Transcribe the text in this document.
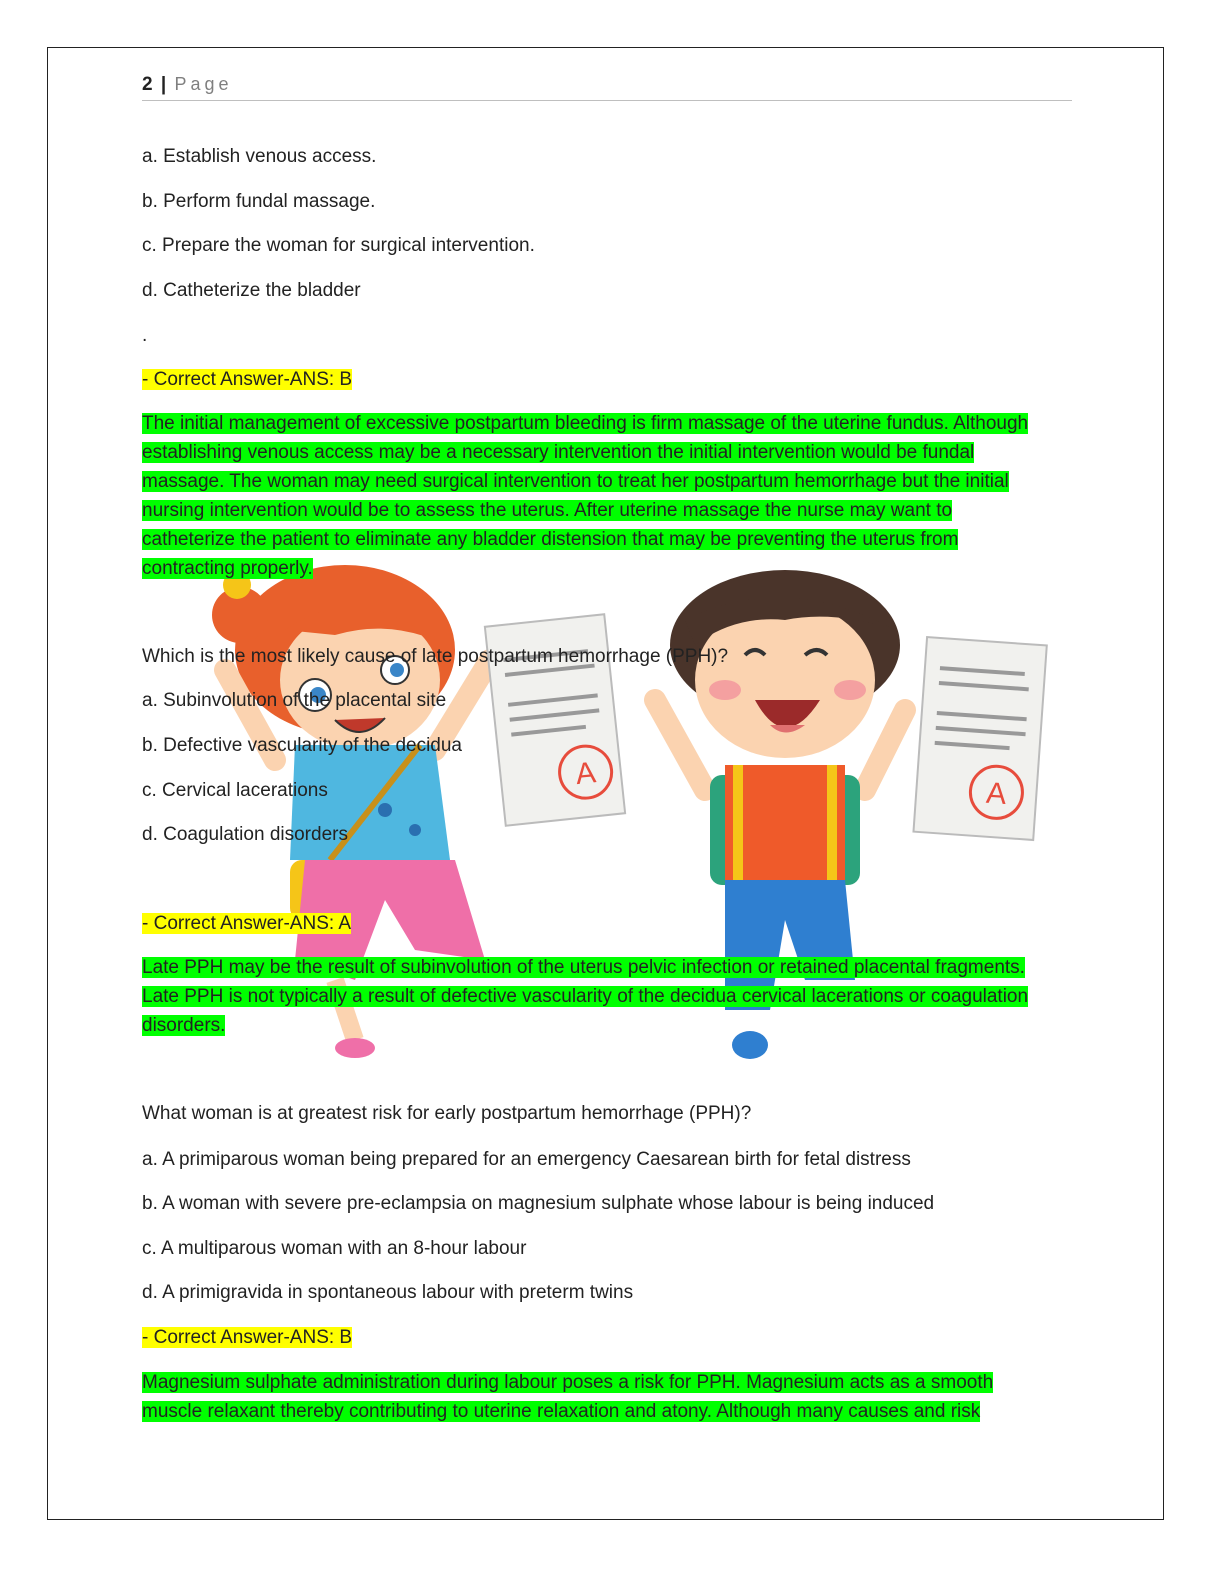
2 | Page
A
A
a. Establish venous access.
b. Perform fundal massage.
c. Prepare the woman for surgical intervention.
d. Catheterize the bladder
.
- Correct Answer-ANS: B
The initial management of excessive postpartum bleeding is firm massage of the uterine fundus. Although
establishing venous access may be a necessary intervention the initial intervention would be fundal
massage. The woman may need surgical intervention to treat her postpartum hemorrhage but the initial
nursing intervention would be to assess the uterus. After uterine massage the nurse may want to
catheterize the patient to eliminate any bladder distension that may be preventing the uterus from
contracting properly.
Which is the most likely cause of late postpartum hemorrhage (PPH)?
a. Subinvolution of the placental site
b. Defective vascularity of the decidua
c. Cervical lacerations
d. Coagulation disorders
- Correct Answer-ANS: A
Late PPH may be the result of subinvolution of the uterus pelvic infection or retained placental fragments.
Late PPH is not typically a result of defective vascularity of the decidua cervical lacerations or coagulation
disorders.
What woman is at greatest risk for early postpartum hemorrhage (PPH)?
a. A primiparous woman being prepared for an emergency Caesarean birth for fetal distress
b. A woman with severe pre-eclampsia on magnesium sulphate whose labour is being induced
c. A multiparous woman with an 8-hour labour
d. A primigravida in spontaneous labour with preterm twins
- Correct Answer-ANS: B
Magnesium sulphate administration during labour poses a risk for PPH. Magnesium acts as a smooth
muscle relaxant thereby contributing to uterine relaxation and atony. Although many causes and risk
